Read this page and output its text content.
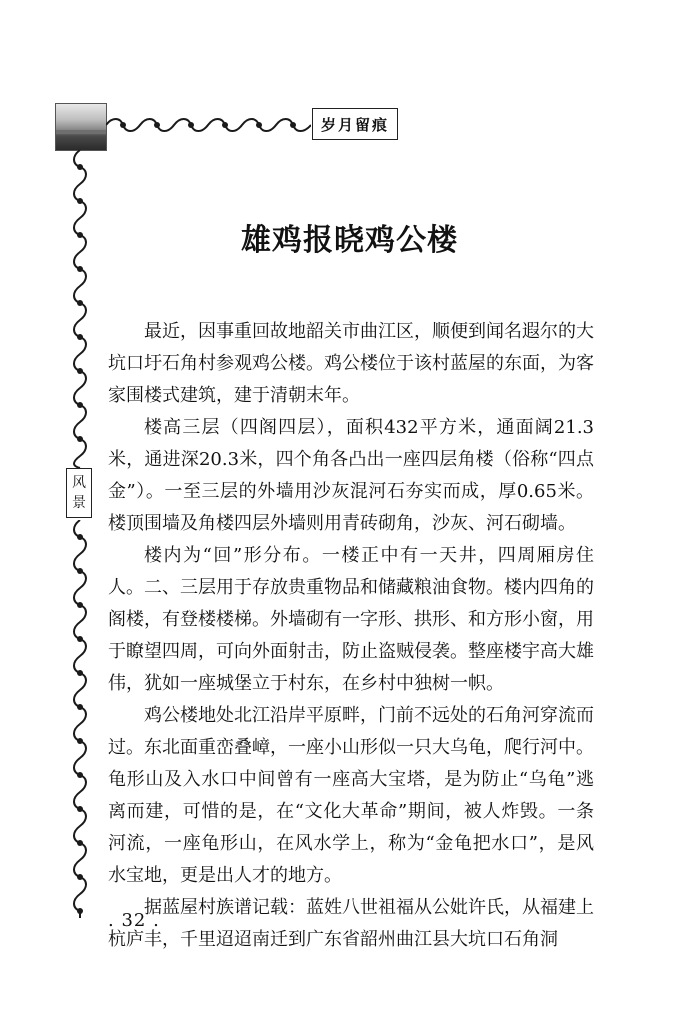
岁月留痕
风
景
雄鸡报晓鸡公楼

最近，因事重回故地韶关市曲江区，顺便到闻名遐尔的大坑口圩石角村参观鸡公楼。鸡公楼位于该村蓝屋的东面，为客家围楼式建筑，建于清朝末年。

楼高三层（四阁四层），面积432平方米，通面阔21.3米，通进深20.3米，四个角各凸出一座四层角楼（俗称“四点金”）。一至三层的外墙用沙灰混河石夯实而成，厚0.65米。楼顶围墙及角楼四层外墙则用青砖砌角，沙灰、河石砌墙。

楼内为“回”形分布。一楼正中有一天井，四周厢房住人。二、三层用于存放贵重物品和储藏粮油食物。楼内四角的阁楼，有登楼楼梯。外墙砌有一字形、拱形、和方形小窗，用于瞭望四周，可向外面射击，防止盗贼侵袭。整座楼宇高大雄伟，犹如一座城堡立于村东，在乡村中独树一帜。

鸡公楼地处北江沿岸平原畔，门前不远处的石角河穿流而过。东北面重峦叠嶂，一座小山形似一只大乌龟，爬行河中。龟形山及入水口中间曾有一座高大宝塔，是为防止“乌龟”逃离而建，可惜的是，在“文化大革命”期间，被人炸毁。一条河流，一座龟形山，在风水学上，称为“金龟把水口”，是风水宝地，更是出人才的地方。

据蓝屋村族谱记载：蓝姓八世祖福从公妣许氏，从福建上杭庐丰，千里迢迢南迁到广东省韶州曲江县大坑口石角洞

. 32 .
